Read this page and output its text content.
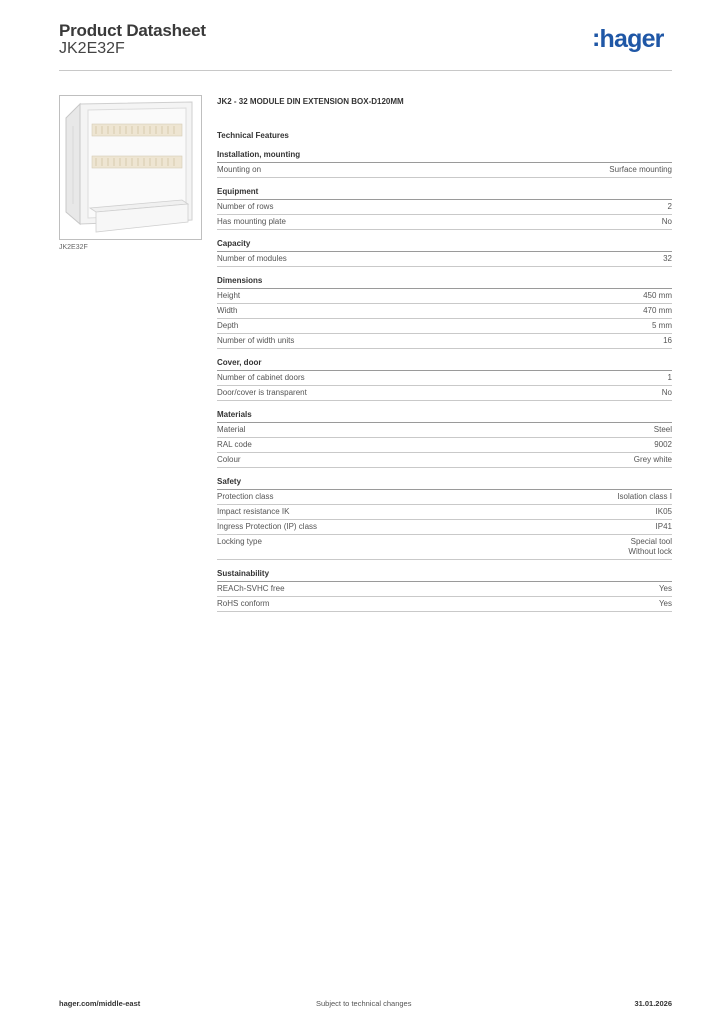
Product Datasheet
JK2E32F	:hager
JK2E32F
JK2 - 32 MODULE DIN EXTENSION BOX-D120MM
Technical Features
Installation, mounting
Mounting on	Surface mounting
Equipment
Number of rows	2
Has mounting plate	No
Capacity
Number of modules	32
Dimensions
Height	450 mm
Width	470 mm
Depth	5 mm
Number of width units	16
Cover, door
Number of cabinet doors	1
Door/cover is transparent	No
Materials
Material	Steel
RAL code	9002
Colour	Grey white
Safety
Protection class	Isolation class I
Impact resistance IK	IK05
Ingress Protection (IP) class	IP41
Locking type	Special tool
Without lock
Sustainability
REACh-SVHC free	Yes
RoHS conform	Yes
hager.com/middle-east	Subject to technical changes	31.01.2026
